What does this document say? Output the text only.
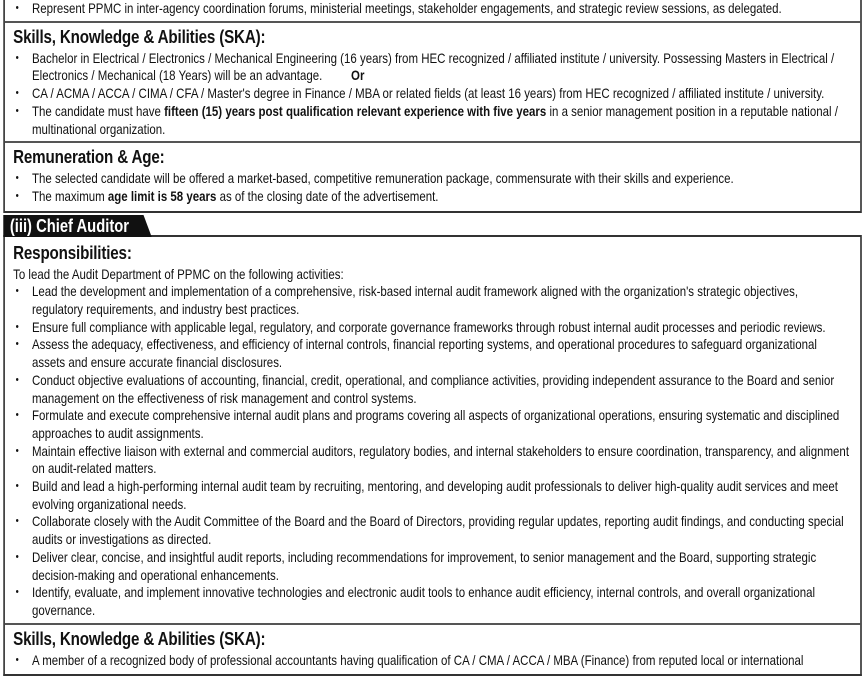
• Represent PPMC in inter-agency coordination forums, ministerial meetings, stakeholder engagements, and strategic review sessions, as delegated.
Skills, Knowledge & Abilities (SKA):
• Bachelor in Electrical / Electronics / Mechanical Engineering (16 years) from HEC recognized / affiliated institute / university. Possessing Masters in Electrical / Electronics / Mechanical (18 Years) will be an advantage.         Or
• CA / ACMA / ACCA / CIMA / CFA / Master's degree in Finance / MBA or related fields (at least 16 years) from HEC recognized / affiliated institute / university.
• The candidate must have fifteen (15) years post qualification relevant experience with five years in a senior management position in a reputable national / multinational organization.
Remuneration & Age:
• The selected candidate will be offered a market-based, competitive remuneration package, commensurate with their skills and experience.
• The maximum age limit is 58 years as of the closing date of the advertisement.
(iii) Chief Auditor
Responsibilities:
To lead the Audit Department of PPMC on the following activities:
• Lead the development and implementation of a comprehensive, risk-based internal audit framework aligned with the organization's strategic objectives, regulatory requirements, and industry best practices.
• Ensure full compliance with applicable legal, regulatory, and corporate governance frameworks through robust internal audit processes and periodic reviews.
• Assess the adequacy, effectiveness, and efficiency of internal controls, financial reporting systems, and operational procedures to safeguard organizational assets and ensure accurate financial disclosures.
• Conduct objective evaluations of accounting, financial, credit, operational, and compliance activities, providing independent assurance to the Board and senior management on the effectiveness of risk management and control systems.
• Formulate and execute comprehensive internal audit plans and programs covering all aspects of organizational operations, ensuring systematic and disciplined approaches to audit assignments.
• Maintain effective liaison with external and commercial auditors, regulatory bodies, and internal stakeholders to ensure coordination, transparency, and alignment on audit-related matters.
• Build and lead a high-performing internal audit team by recruiting, mentoring, and developing audit professionals to deliver high-quality audit services and meet evolving organizational needs.
• Collaborate closely with the Audit Committee of the Board and the Board of Directors, providing regular updates, reporting audit findings, and conducting special audits or investigations as directed.
• Deliver clear, concise, and insightful audit reports, including recommendations for improvement, to senior management and the Board, supporting strategic decision-making and operational enhancements.
• Identify, evaluate, and implement innovative technologies and electronic audit tools to enhance audit efficiency, internal controls, and overall organizational governance.
Skills, Knowledge & Abilities (SKA):
• A member of a recognized body of professional accountants having qualification of CA / CMA / ACCA / MBA (Finance) from reputed local or international
